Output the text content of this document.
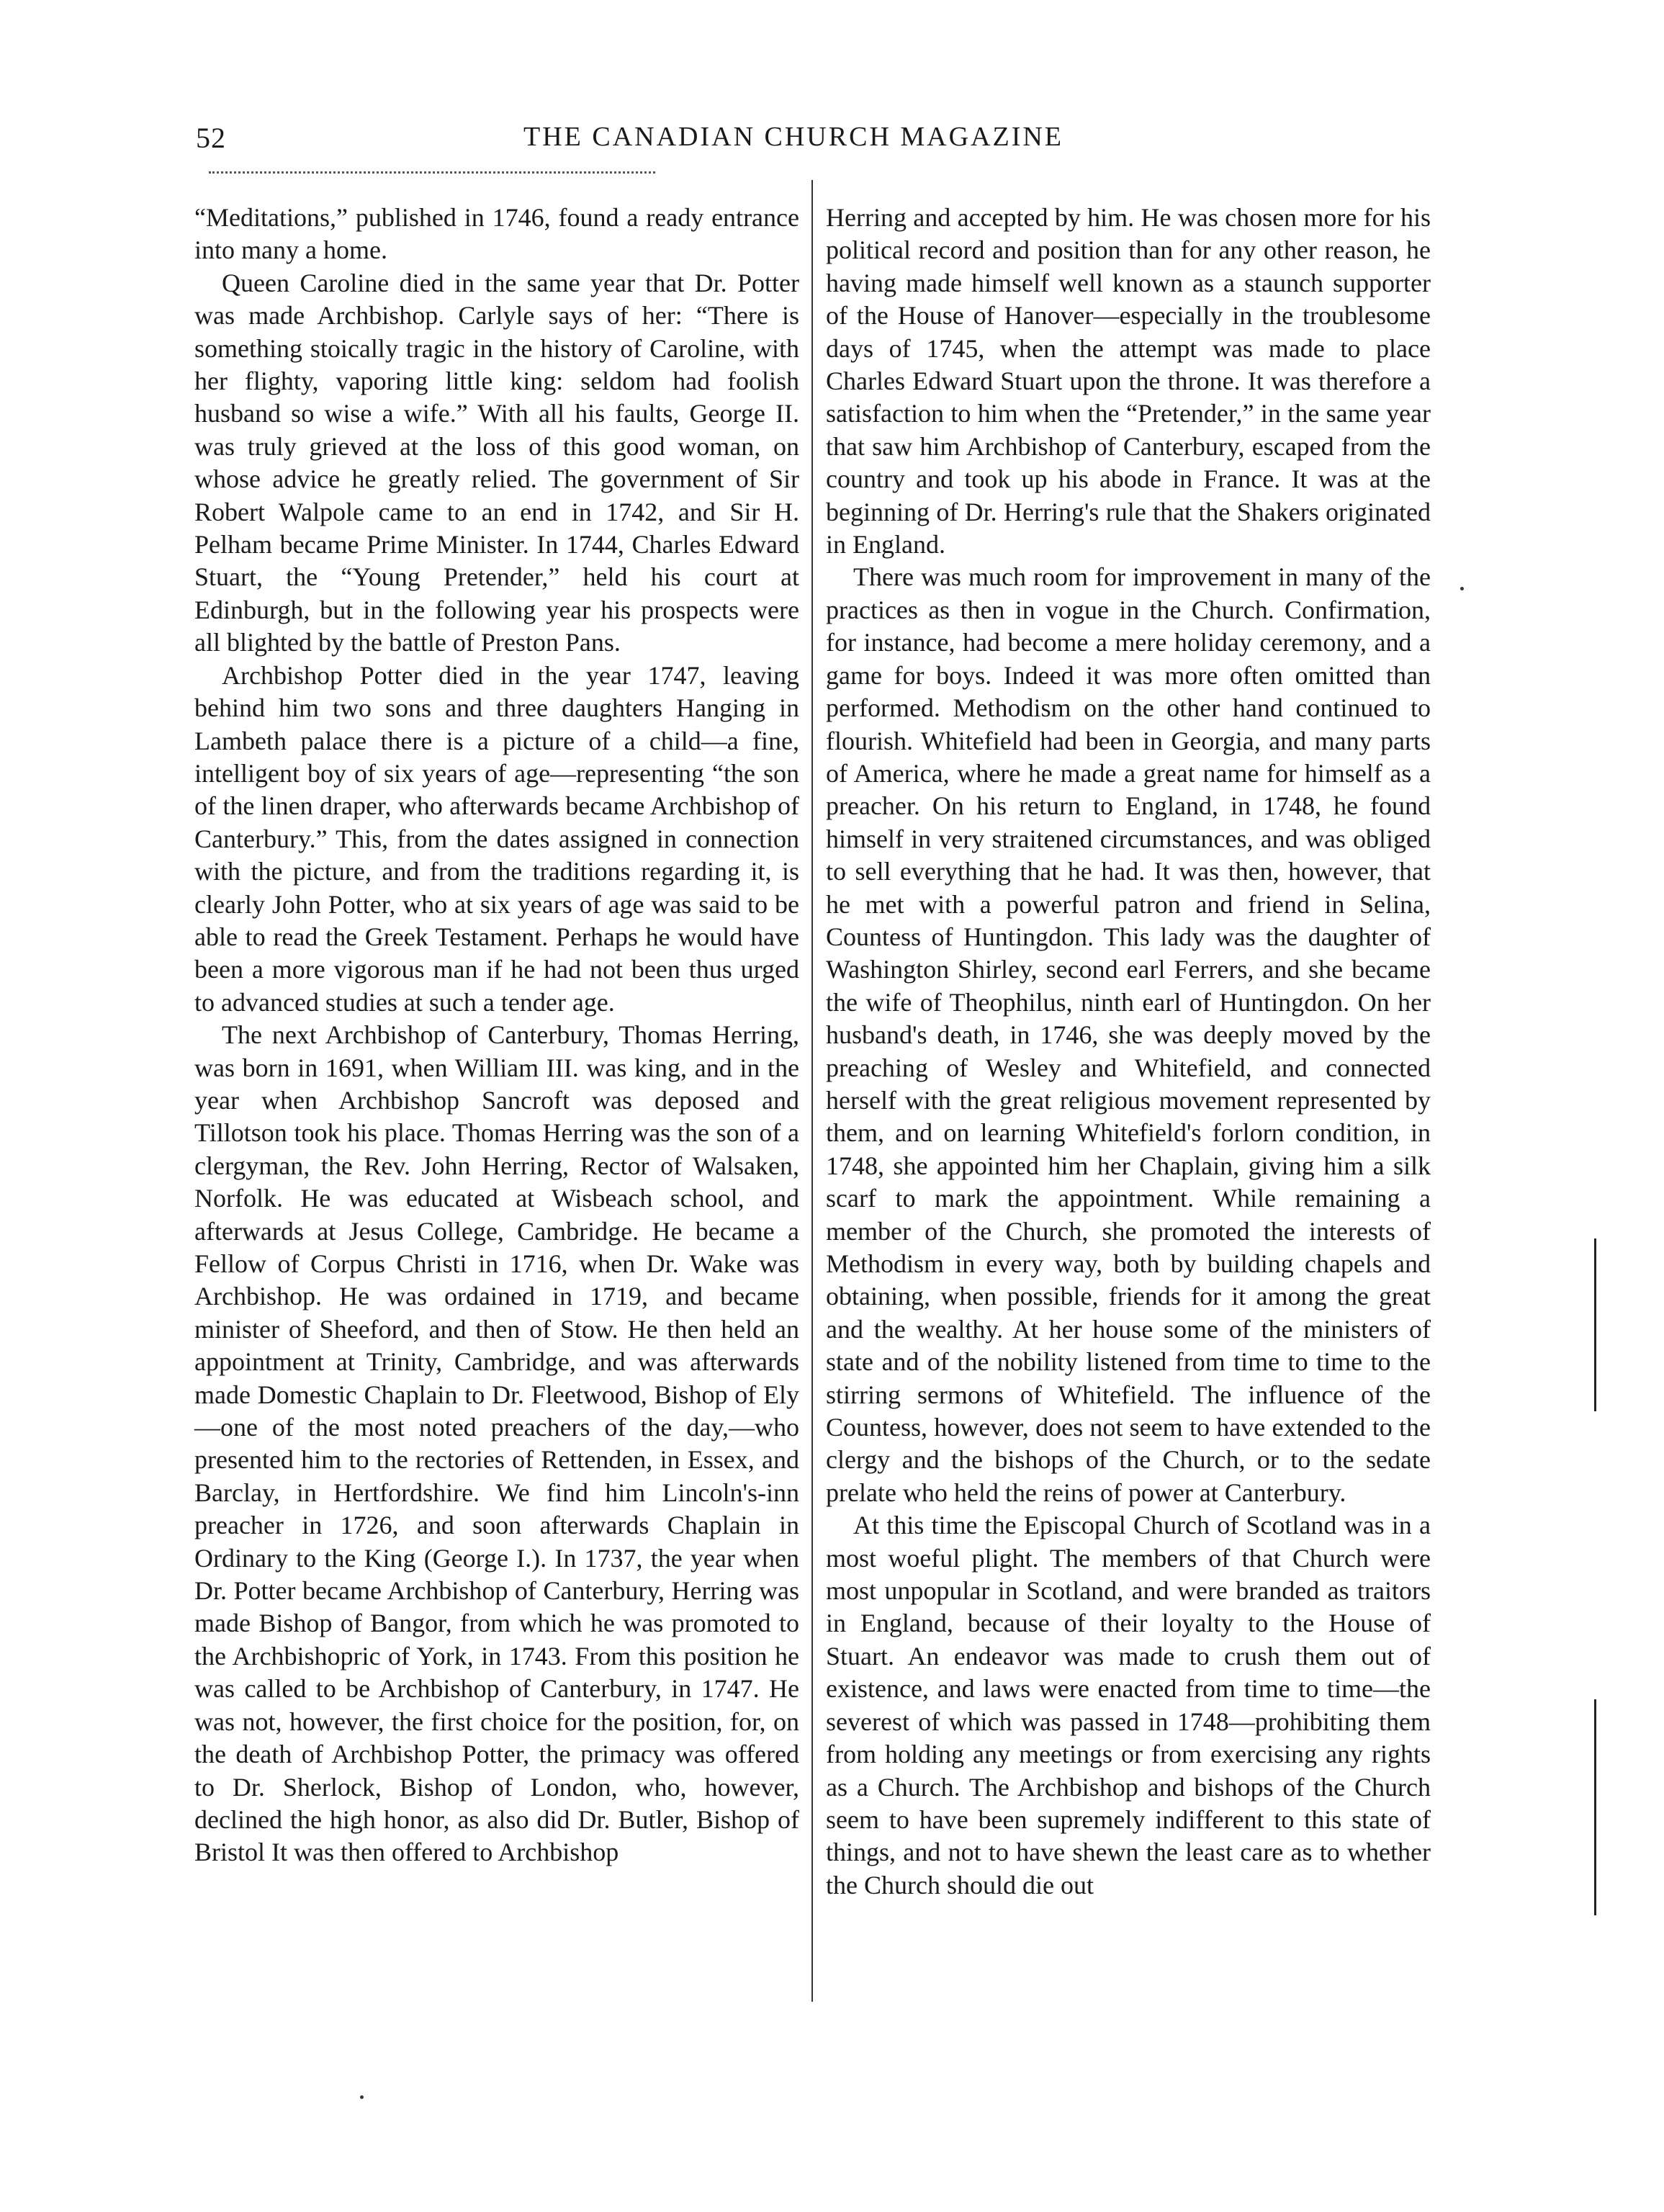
52	THE CANADIAN CHURCH MAGAZINE

“Meditations,” published in 1746, found a ready entrance into many a home.

Queen Caroline died in the same year that Dr. Potter was made Archbishop. Carlyle says of her: “There is something stoically tragic in the history of Caroline, with her flighty, vaporing little king: seldom had foolish husband so wise a wife.” With all his faults, George II. was truly grieved at the loss of this good woman, on whose advice he greatly relied. The government of Sir Robert Walpole came to an end in 1742, and Sir H. Pelham became Prime Minister. In 1744, Charles Edward Stuart, the “Young Pretender,” held his court at Edinburgh, but in the following year his prospects were all blighted by the battle of Preston Pans.

Archbishop Potter died in the year 1747, leaving behind him two sons and three daughters Hanging in Lambeth palace there is a picture of a child—a fine, intelligent boy of six years of age—representing “the son of the linen draper, who afterwards became Archbishop of Canterbury.” This, from the dates assigned in connection with the picture, and from the traditions regarding it, is clearly John Potter, who at six years of age was said to be able to read the Greek Testament. Perhaps he would have been a more vigorous man if he had not been thus urged to advanced studies at such a tender age.

The next Archbishop of Canterbury, Thomas Herring, was born in 1691, when William III. was king, and in the year when Archbishop Sancroft was deposed and Tillotson took his place. Thomas Herring was the son of a clergyman, the Rev. John Herring, Rector of Walsaken, Norfolk. He was educated at Wisbeach school, and afterwards at Jesus College, Cambridge. He became a Fellow of Corpus Christi in 1716, when Dr. Wake was Archbishop. He was ordained in 1719, and became minister of Sheeford, and then of Stow. He then held an appointment at Trinity, Cambridge, and was afterwards made Domestic Chaplain to Dr. Fleetwood, Bishop of Ely—one of the most noted preachers of the day,—who presented him to the rectories of Rettenden, in Essex, and Barclay, in Hertfordshire. We find him Lincoln's-inn preacher in 1726, and soon afterwards Chaplain in Ordinary to the King (George I.). In 1737, the year when Dr. Potter became Archbishop of Canterbury, Herring was made Bishop of Bangor, from which he was promoted to the Archbishopric of York, in 1743. From this position he was called to be Archbishop of Canterbury, in 1747. He was not, however, the first choice for the position, for, on the death of Archbishop Potter, the primacy was offered to Dr. Sherlock, Bishop of London, who, however, declined the high honor, as also did Dr. Butler, Bishop of Bristol It was then offered to Archbishop

Herring and accepted by him. He was chosen more for his political record and position than for any other reason, he having made himself well known as a staunch supporter of the House of Hanover—especially in the troublesome days of 1745, when the attempt was made to place Charles Edward Stuart upon the throne. It was therefore a satisfaction to him when the “Pretender,” in the same year that saw him Archbishop of Canterbury, escaped from the country and took up his abode in France. It was at the beginning of Dr. Herring's rule that the Shakers originated in England.

There was much room for improvement in many of the practices as then in vogue in the Church. Confirmation, for instance, had become a mere holiday ceremony, and a game for boys. Indeed it was more often omitted than performed. Methodism on the other hand continued to flourish. Whitefield had been in Georgia, and many parts of America, where he made a great name for himself as a preacher. On his return to England, in 1748, he found himself in very straitened circumstances, and was obliged to sell everything that he had. It was then, however, that he met with a powerful patron and friend in Selina, Countess of Huntingdon. This lady was the daughter of Washington Shirley, second earl Ferrers, and she became the wife of Theophilus, ninth earl of Huntingdon. On her husband's death, in 1746, she was deeply moved by the preaching of Wesley and Whitefield, and connected herself with the great religious movement represented by them, and on learning Whitefield's forlorn condition, in 1748, she appointed him her Chaplain, giving him a silk scarf to mark the appointment. While remaining a member of the Church, she promoted the interests of Methodism in every way, both by building chapels and obtaining, when possible, friends for it among the great and the wealthy. At her house some of the ministers of state and of the nobility listened from time to time to the stirring sermons of Whitefield. The influence of the Countess, however, does not seem to have extended to the clergy and the bishops of the Church, or to the sedate prelate who held the reins of power at Canterbury.

At this time the Episcopal Church of Scotland was in a most woeful plight. The members of that Church were most unpopular in Scotland, and were branded as traitors in England, because of their loyalty to the House of Stuart. An endeavor was made to crush them out of existence, and laws were enacted from time to time—the severest of which was passed in 1748—prohibiting them from holding any meetings or from exercising any rights as a Church. The Archbishop and bishops of the Church seem to have been supremely indifferent to this state of things, and not to have shewn the least care as to whether the Church should die out
